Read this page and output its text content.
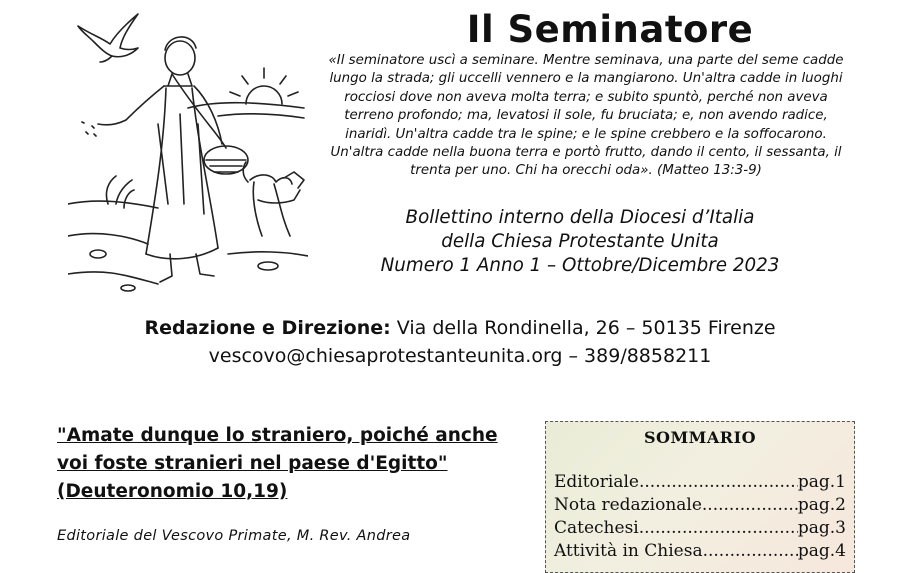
Il Seminatore
«Il seminatore uscì a seminare. Mentre seminava, una parte del seme cadde
lungo la strada; gli uccelli vennero e la mangiarono. Un'altra cadde in luoghi
rocciosi dove non aveva molta terra; e subito spuntò, perché non aveva
terreno profondo; ma, levatosi il sole, fu bruciata; e, non avendo radice,
inaridì. Un'altra cadde tra le spine; e le spine crebbero e la soffocarono.
Un'altra cadde nella buona terra e portò frutto, dando il cento, il sessanta, il
trenta per uno. Chi ha orecchi oda». (Matteo 13:3-9)
Bollettino interno della Diocesi d’Italia
della Chiesa Protestante Unita
Numero 1 Anno 1 – Ottobre/Dicembre 2023
Redazione e Direzione: Via della Rondinella, 26 – 50135 Firenze
vescovo@chiesaprotestanteunita.org – 389/8858211
"Amate dunque lo straniero, poiché anche
voi foste stranieri nel paese d'Egitto"
(Deuteronomio 10,19)
Editoriale del Vescovo Primate, M. Rev. Andrea
SOMMARIO
Editoriale .....	pag.1
Nota redazionale .....	pag.2
Catechesi .....	pag.3
Attività in Chiesa .....	pag.4
